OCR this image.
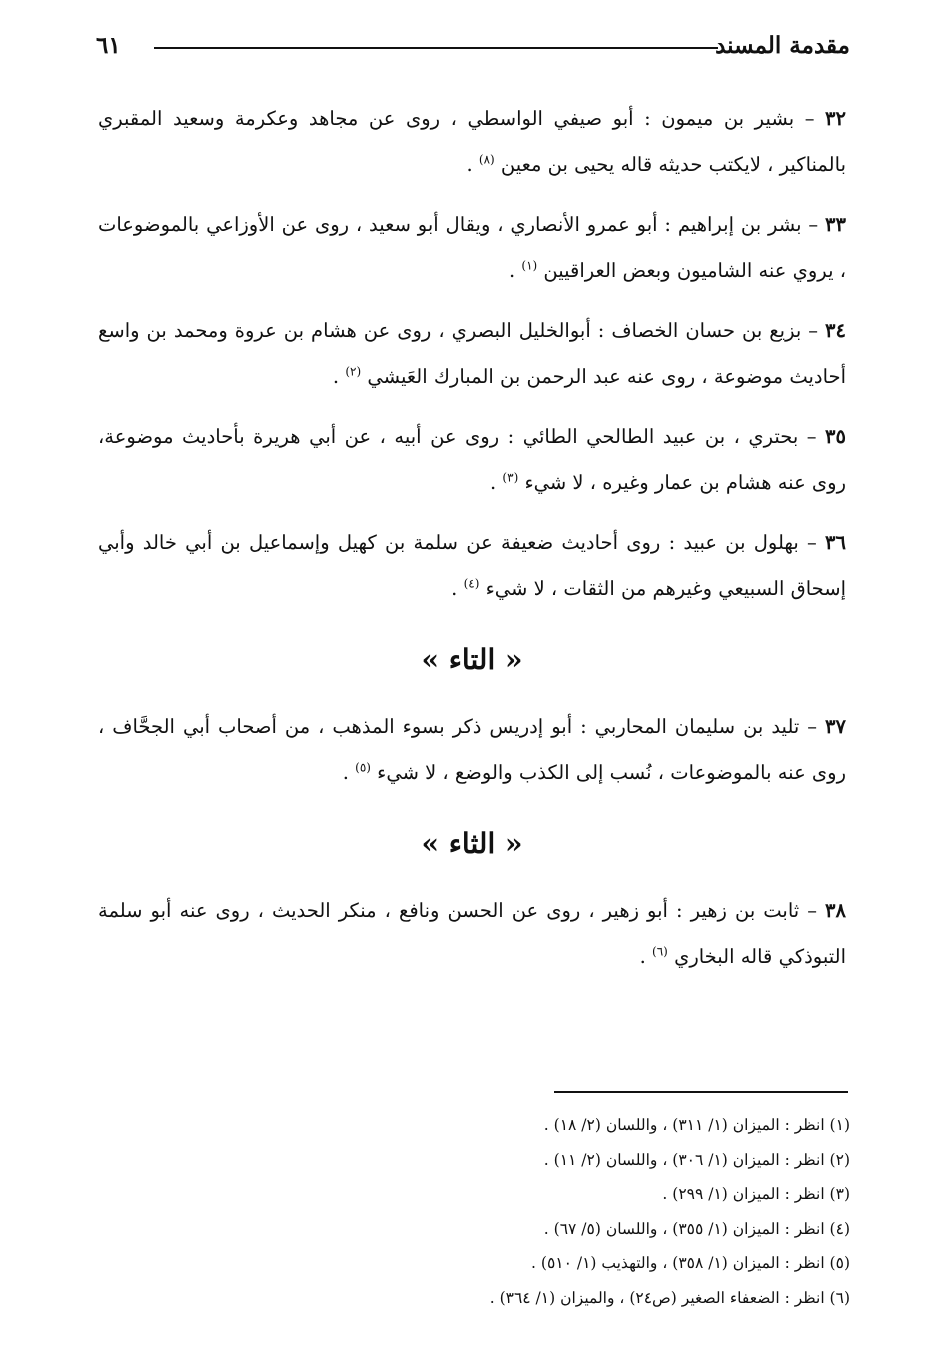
مقدمة المسند
٦١

٣٢ – بشير بن ميمون : أبو صيفي الواسطي ، روى عن مجاهد وعكرمة وسعيد المقبري بالمناكير ، لايكتب حديثه قاله يحيى بن معين $^{(٨)}$ .

٣٣ – بشر بن إبراهيم : أبو عمرو الأنصاري ، ويقال أبو سعيد ، روى عن الأوزاعي بالموضوعات ، يروي عنه الشاميون وبعض العراقيين $^{(١)}$ .

٣٤ – بزيع بن حسان الخصاف : أبوالخليل البصري ، روى عن هشام بن عروة ومحمد بن واسع أحاديث موضوعة ، روى عنه عبد الرحمن بن المبارك العَيشي $^{(٢)}$ .

٣٥ – بحتري ، بن عبيد الطالحي الطائي : روى عن أبيه ، عن أبي هريرة بأحاديث موضوعة، روى عنه هشام بن عمار وغيره ، لا شيء $^{(٣)}$ .

٣٦ – بهلول بن عبيد : روى أحاديث ضعيفة عن سلمة بن كهيل وإسماعيل بن أبي خالد وأبي إسحاق السبيعي وغيرهم من الثقات ، لا شيء $^{(٤)}$ .

« التاء »

٣٧ – تليد بن سليمان المحاربي : أبو إدريس ذكر بسوء المذهب ، من أصحاب أبي الجحَّاف ، روى عنه بالموضوعات ، نُسب إلى الكذب والوضع ، لا شيء $^{(٥)}$ .

« الثاء »

٣٨ – ثابت بن زهير : أبو زهير ، روى عن الحسن ونافع ، منكر الحديث ، روى عنه أبو سلمة التبوذكي قاله البخاري $^{(٦)}$ .

(١) انظر : الميزان (١/ ٣١١) ، واللسان (٢/ ١٨) .
(٢) انظر : الميزان (١/ ٣٠٦) ، واللسان (٢/ ١١) .
(٣) انظر : الميزان (١/ ٢٩٩) .
(٤) انظر : الميزان (١/ ٣٥٥) ، واللسان (٥/ ٦٧) .
(٥) انظر : الميزان (١/ ٣٥٨) ، والتهذيب (١/ ٥١٠) .
(٦) انظر : الضعفاء الصغير (ص٢٤) ، والميزان (١/ ٣٦٤) .
